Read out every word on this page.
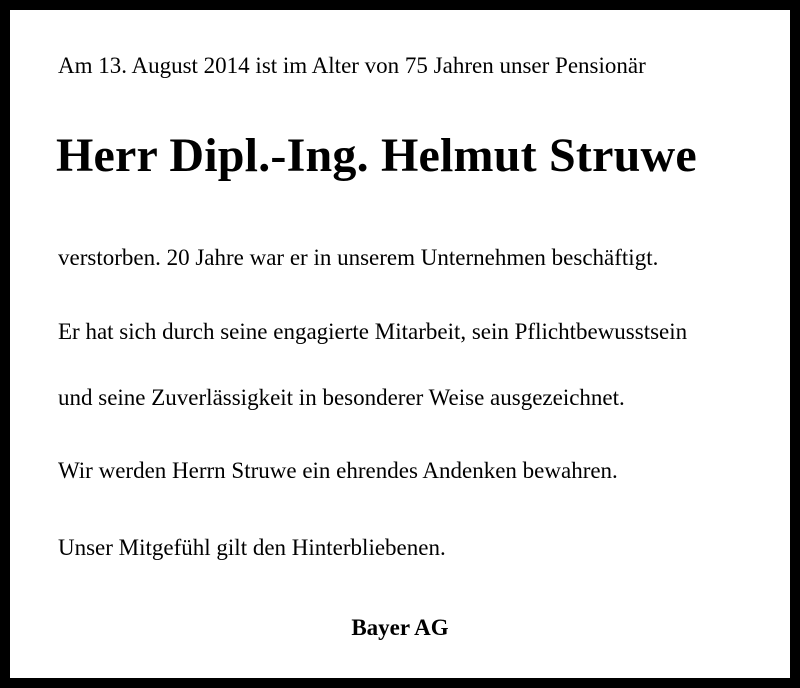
Am 13. August 2014 ist im Alter von 75 Jahren unser Pensionär
Herr Dipl.-Ing. Helmut Struwe
verstorben. 20 Jahre war er in unserem Unternehmen beschäftigt.
Er hat sich durch seine engagierte Mitarbeit, sein Pflichtbewusstsein
und seine Zuverlässigkeit in besonderer Weise ausgezeichnet.
Wir werden Herrn Struwe ein ehrendes Andenken bewahren.
Unser Mitgefühl gilt den Hinterbliebenen.
Bayer AG
